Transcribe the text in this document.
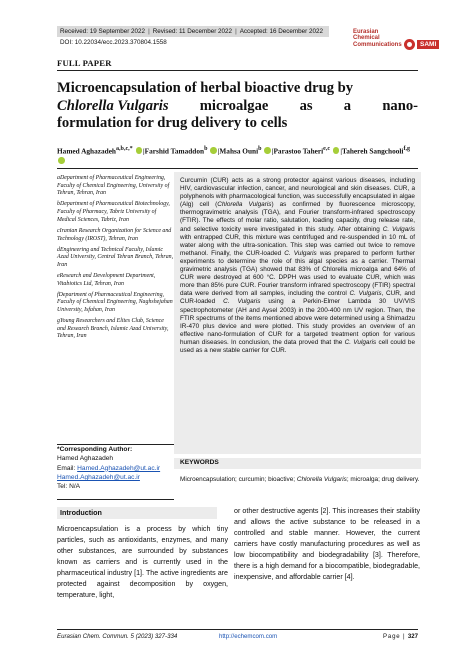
Received: 19 September 2022 | Revised: 11 December 2022 | Accepted: 16 December 2022
DOI: 10.22034/ecc.2023.370804.1558
Eurasian
Chemical
Communications	SAMI
FULL PAPER
Microencapsulation of herbal bioactive drug by
Chlorella Vulgaris microalgae as a nano-
formulation for drug delivery to cells
Hamed Aghazadeh$^{a,b,c,*}$ |Farshid Tamaddon$^b$ |Mahsa Ouni$^b$ |Parastoo Taheri$^{e,c}$ |Tahereh Sangchooli$^{f,g}$

aDepartment of Pharmaceutical Engineering, Faculty of Chemical Engineering, University of Tehran, Tehran, Iran

bDepartment of Pharmaceutical Biotechnology, Faculty of Pharmacy, Tabriz University of Medical Sciences, Tabriz, Iran

cIranian Research Organization for Science and Technology (IROST), Tehran, Iran

dEngineering and Technical Faculty, Islamic Azad University, Central Tehran Branch, Tehran, Iran

eResearch and Development Department, Vitabiotics Ltd, Tehran, Iran

fDepartment of Pharmaceutical Engineering, Faculty of Chemical Engineering, Naghshejahan University, Isfahan, Iran

gYoung Researchers and Elites Club, Science and Research Branch, Islamic Azad University, Tehran, Iran

Curcumin (CUR) acts as a strong protector against various diseases, including HIV, cardiovascular infection, cancer, and neurological and skin diseases. CUR, a polyphenols with pharmacological function, was successfully encapsulated in algae (Alg) cell (Chlorella Vulgaris) as confirmed by fluorescence microscopy, thermogravimetric analysis (TGA), and Fourier transform-infrared spectroscopy (FTIR). The effects of molar ratio, salutation, loading capacity, drug release rate, and selective toxicity were investigated in this study. After obtaining C. Vulgaris with entrapped CUR, this mixture was centrifuged and re-suspended in 10 mL of water along with the ultra-sonication. This step was carried out twice to remove methanol. Finally, the CUR-loaded C. Vulgaris was prepared to perform further experiments to determine the role of this algal species as a carrier. Thermal gravimetric analysis (TGA) showed that 83% of Chlorella microalga and 64% of CUR were destroyed at 600 °C. DPPH was used to evaluate CUR, which was more than 85% pure CUR. Fourier transform infrared spectroscopy (FTIR) spectral data were derived from all samples, including the control C. Vulgaris, CUR, and CUR-loaded C. Vulgaris using a Perkin-Elmer Lambda 30 UV/VIS spectrophotometer (AH and Aysel 2003) in the 200-400 nm UV region. Then, the FTIR spectrums of the items mentioned above were determined using a Shimadzu IR-470 plus device and were plotted. This study provides an overview of an effective nano-formulation of CUR for a targeted treatment option for various human diseases. In conclusion, the data proved that the C. Vulgaris cell could be used as a new stable carrier for CUR.
*Corresponding Author:
Hamed Aghazadeh
Email: Hamed.Aghazadeh@ut.ac.ir
Hamed.Aghazadeh@ut.ac.ir
Tel: N/A
KEYWORDS
Microencapsulation; curcumin; bioactive; Chlorella Vulgaris; microalga; drug delivery.
Introduction
Microencapsulation is a process by which tiny particles, such as antioxidants, enzymes, and many other substances, are surrounded by substances known as carriers and is currently used in the pharmaceutical industry [1]. The active ingredients are protected against decomposition by oxygen, temperature, light,
or other destructive agents [2]. This increases their stability and allows the active substance to be released in a controlled and stable manner. However, the current carriers have costly manufacturing procedures as well as low biocompatibility and biodegradability [3]. Therefore, there is a high demand for a biocompatible, biodegradable, inexpensive, and affordable carrier [4].
Eurasian Chem. Commun. 5 (2023) 327-334	http://echemcom.com	Page | 327
